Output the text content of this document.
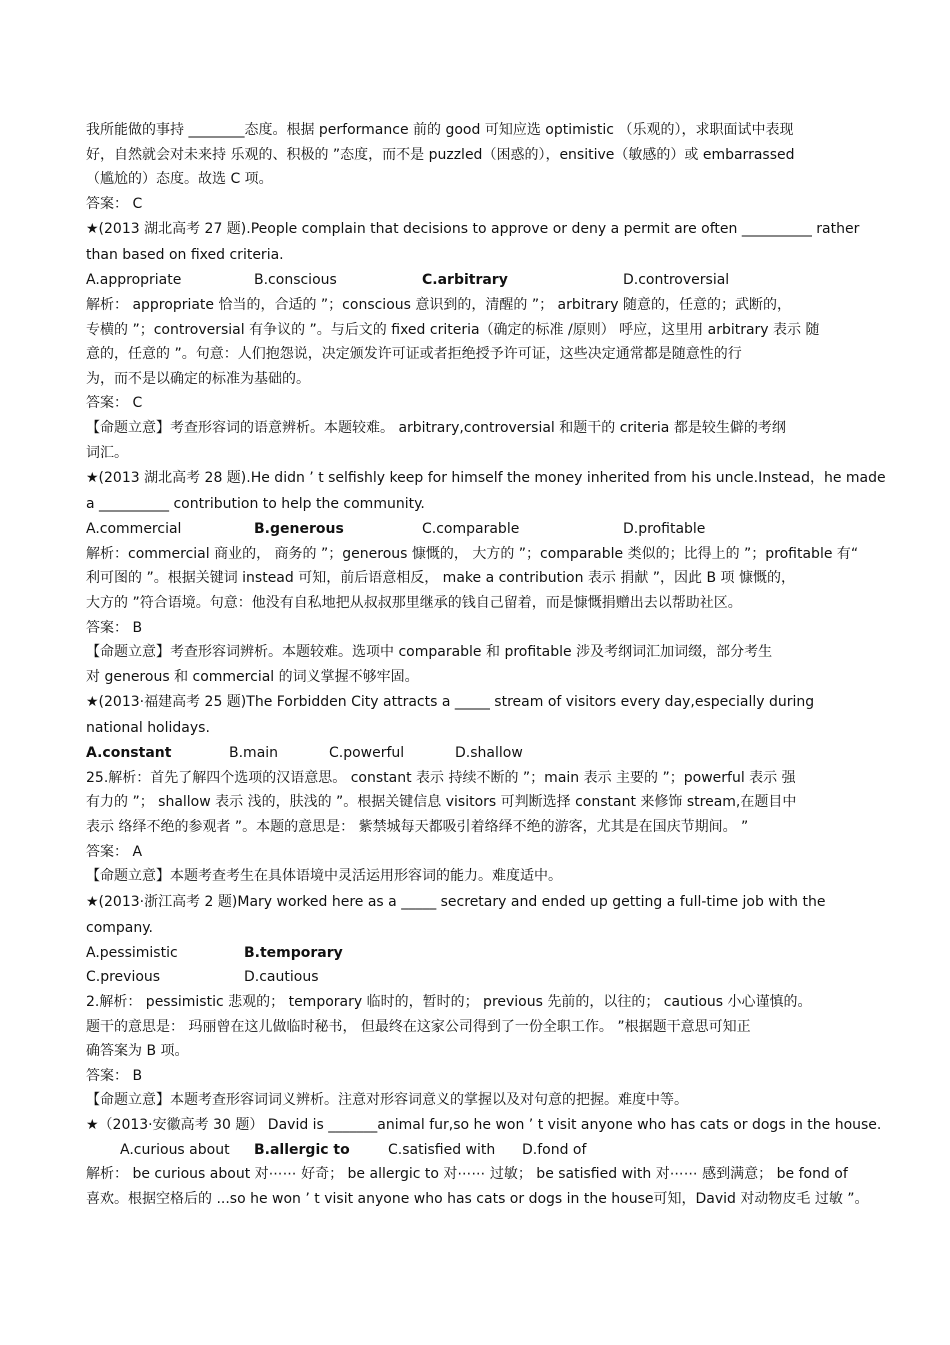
我所能做的事持 ________态度。根据 performance 前的 good 可知应选 optimistic （乐观的），求职面试中表现
好，自然就会对未来持 乐观的、积极的 ”态度，而不是 puzzled（困惑的），ensitive（敏感的）或 embarrassed
（尴尬的）态度。故选 C 项。
答案： C
★(2013 湖北高考 27 题).People complain that decisions to approve or deny a permit are often __________ rather
than based on fixed criteria.
A.appropriate	B.conscious	C.arbitrary	D.controversial
解析： appropriate 恰当的，合适的 ”；conscious 意识到的，清醒的 ”； arbitrary 随意的，任意的；武断的，
专横的 ”；controversial 有争议的 ”。与后文的 fixed criteria（确定的标准 /原则） 呼应，这里用 arbitrary 表示 随
意的，任意的 ”。句意：人们抱怨说，决定颁发许可证或者拒绝授予许可证，这些决定通常都是随意性的行
为，而不是以确定的标准为基础的。
答案： C
【命题立意】考查形容词的语意辨析。本题较难。 arbitrary,controversial 和题干的 criteria 都是较生僻的考纲
词汇。
★(2013 湖北高考 28 题).He didn ’ t selfishly keep for himself the money inherited from his uncle.Instead，he made
a __________ contribution to help the community.
A.commercial	B.generous	C.comparable	D.profitable
解析：commercial 商业的， 商务的 ”；generous 慷慨的， 大方的 ”；comparable 类似的；比得上的 ”；profitable 有“
利可图的 ”。根据关键词 instead 可知，前后语意相反， make a contribution 表示 捐献 ”，因此 B 项 慷慨的，
大方的 ”符合语境。句意：他没有自私地把从叔叔那里继承的钱自己留着，而是慷慨捐赠出去以帮助社区。
答案： B
【命题立意】考查形容词辨析。本题较难。选项中 comparable 和 profitable 涉及考纲词汇加词缀，部分考生
对 generous 和 commercial 的词义掌握不够牢固。
★(2013·福建高考 25 题)The Forbidden City attracts a _____ stream of visitors every day,especially during
national holidays.
A.constant	B.main	C.powerful	D.shallow
25.解析：首先了解四个选项的汉语意思。 constant 表示 持续不断的 ”；main 表示 主要的 ”；powerful 表示 强
有力的 ”； shallow 表示 浅的，肤浅的 ”。根据关键信息 visitors 可判断选择 constant 来修饰 stream,在题目中
表示 络绎不绝的参观者 ”。本题的意思是： 紫禁城每天都吸引着络绎不绝的游客，尤其是在国庆节期间。 ”
答案： A
【命题立意】本题考查考生在具体语境中灵活运用形容词的能力。难度适中。
★(2013·浙江高考 2 题)Mary worked here as a _____ secretary and ended up getting a full-time job with the
company.
A.pessimistic	B.temporary
C.previous	D.cautious
2.解析： pessimistic 悲观的； temporary 临时的，暂时的； previous 先前的，以往的； cautious 小心谨慎的。
题干的意思是： 玛丽曾在这儿做临时秘书， 但最终在这家公司得到了一份全职工作。 ”根据题干意思可知正
确答案为 B 项。
答案： B
【命题立意】本题考查形容词词义辨析。注意对形容词意义的掌握以及对句意的把握。难度中等。
★（2013·安徽高考 30 题） David is _______animal fur,so he won ’ t visit anyone who has cats or dogs in the house.
A.curious about B.allergic to	C.satisfied with D.fond of
解析： be curious about 对⋯⋯ 好奇； be allergic to 对⋯⋯ 过敏； be satisfied with 对⋯⋯ 感到满意； be fond of
喜欢。根据空格后的 ...so he won ’ t visit anyone who has cats or dogs in the house可知，David 对动物皮毛 过敏 ”。
